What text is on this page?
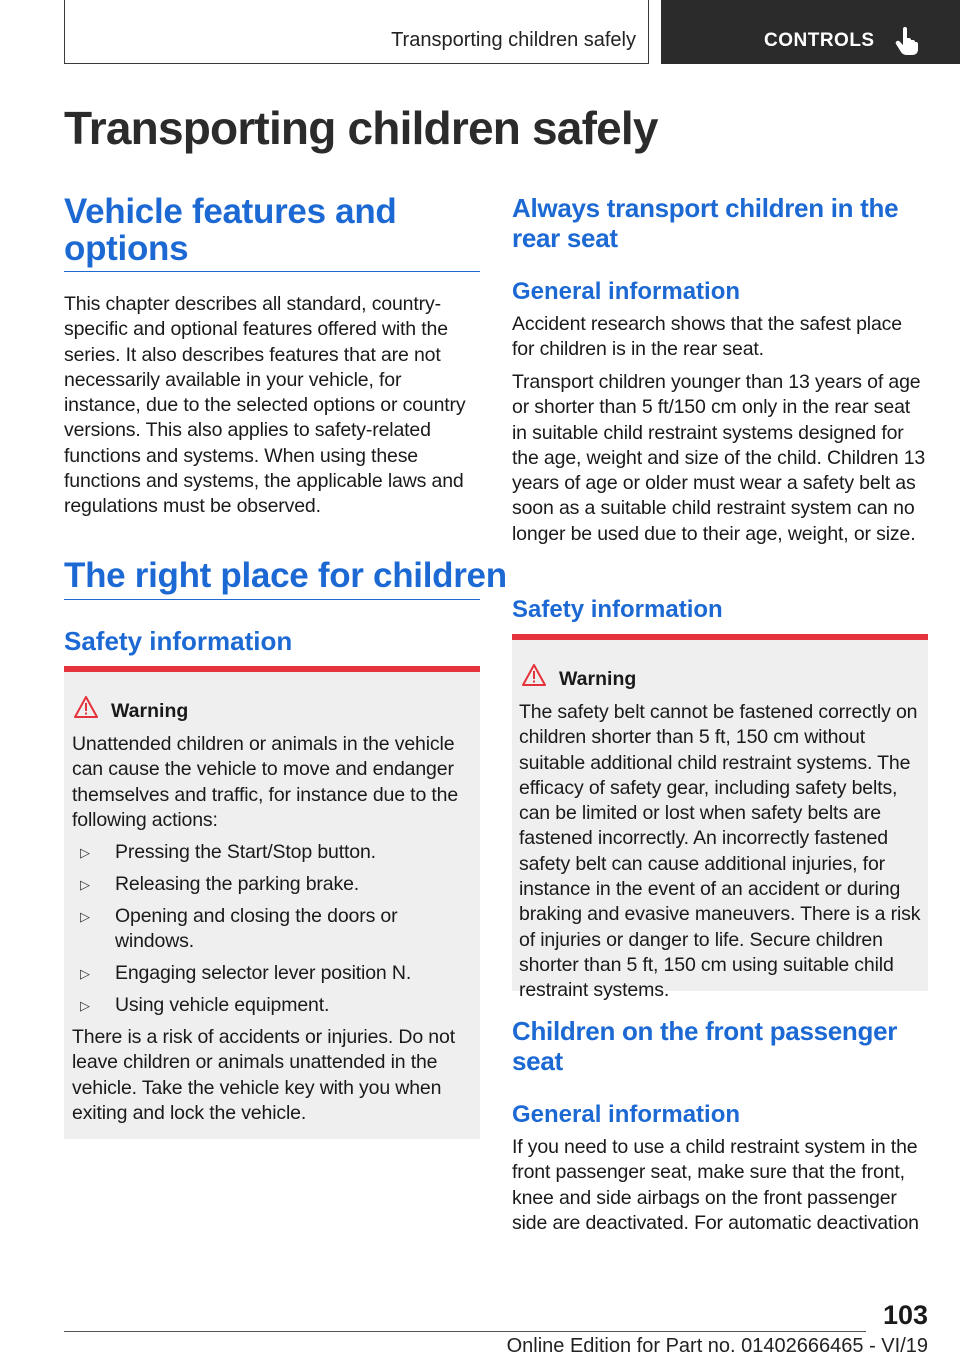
Transporting children safely	CONTROLS
Transporting children safely
Vehicle features and options

This chapter describes all standard, country-specific and optional features offered with the series. It also describes features that are not necessarily available in your vehicle, for instance, due to the selected options or country versions. This also applies to safety-related functions and systems. When using these functions and systems, the applicable laws and regulations must be observed.

The right place for children
Safety information
Warning

Unattended children or animals in the vehicle can cause the vehicle to move and endanger themselves and traffic, for instance due to the following actions:

▷ Pressing the Start/Stop button.
▷ Releasing the parking brake.
▷ Opening and closing the doors or windows.
▷ Engaging selector lever position N.
▷ Using vehicle equipment.

There is a risk of accidents or injuries. Do not leave children or animals unattended in the vehicle. Take the vehicle key with you when exiting and lock the vehicle.

Always transport children in the rear seat
General information

Accident research shows that the safest place for children is in the rear seat.

Transport children younger than 13 years of age or shorter than 5 ft/150 cm only in the rear seat in suitable child restraint systems designed for the age, weight and size of the child. Children 13 years of age or older must wear a safety belt as soon as a suitable child restraint system can no longer be used due to their age, weight, or size.

Safety information
Warning

The safety belt cannot be fastened correctly on children shorter than 5 ft, 150 cm without suitable additional child restraint systems. The efficacy of safety gear, including safety belts, can be limited or lost when safety belts are fastened incorrectly. An incorrectly fastened safety belt can cause additional injuries, for instance in the event of an accident or during braking and evasive maneuvers. There is a risk of injuries or danger to life. Secure children shorter than 5 ft, 150 cm using suitable child restraint systems.

Children on the front passenger seat
General information

If you need to use a child restraint system in the front passenger seat, make sure that the front, knee and side airbags on the front passenger side are deactivated. For automatic deactivation

103
Online Edition for Part no. 01402666465 - VI/19
